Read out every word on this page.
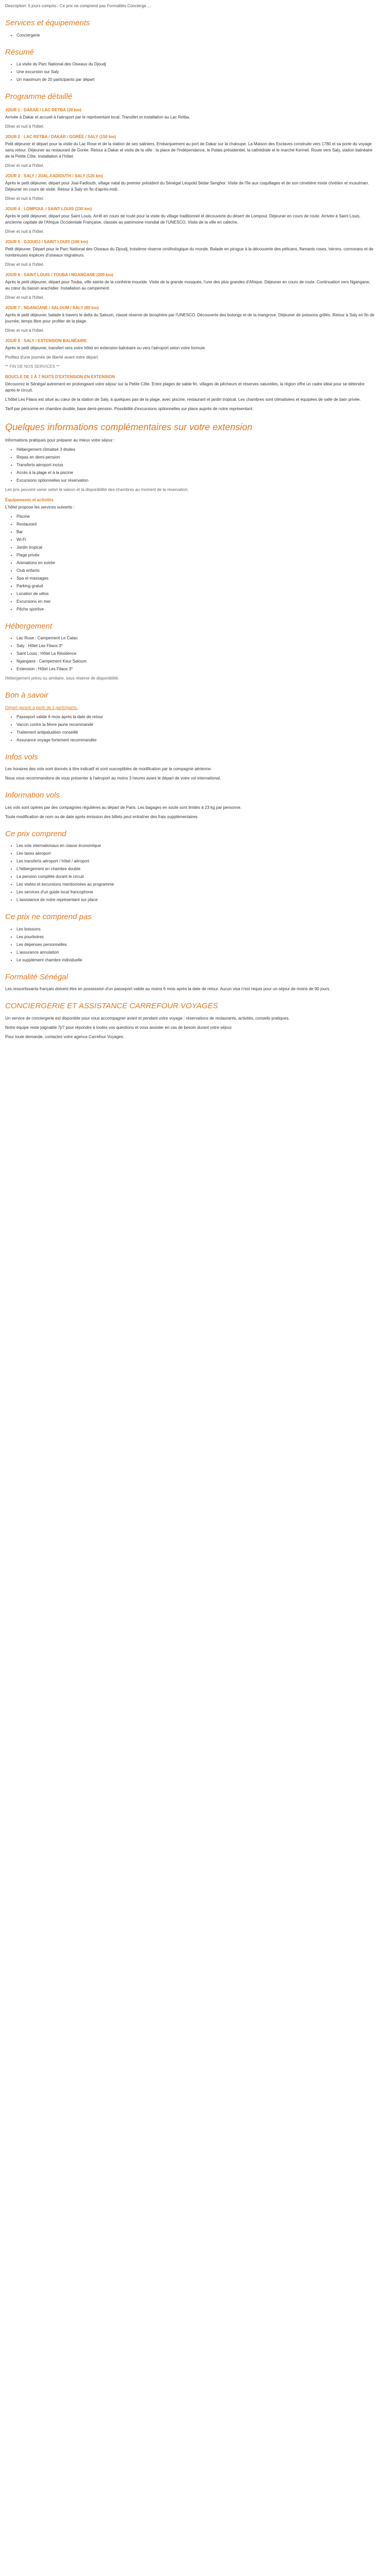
Description: 5 jours compris - Ce prix ne comprend pas Formalités Concierge ...

Services et équipements
• Conciergerie
Résumé
• La visite du Parc National des Oiseaux du Djoudj
• Une excursion sur Saly
• Un maximum de 20 participants par départ
Programme détaillé
JOUR 1 : DAKAR / LAC RETBA (30 km)

Arrivée à Dakar et accueil à l'aéroport par le représentant local. Transfert et installation au Lac Retba.

Dîner et nuit à l'hôtel.

JOUR 2 : LAC RETBA / DAKAR / GORÉE / SALY (150 km)

Petit déjeuner et départ pour la visite du Lac Rose et de la station de ses saliniers. Embarquement au port de Dakar sur la chaloupe. La Maison des Esclaves construite vers 1780 et sa porte du voyage sans retour. Déjeuner au restaurant de Gorée. Retour à Dakar et visite de la ville : la place de l'Indépendance, le Palais présidentiel, la cathédrale et le marché Kermel. Route vers Saly, station balnéaire de la Petite Côte. Installation à l'hôtel.

Dîner et nuit à l'hôtel.

JOUR 3 : SALY / JOAL-FADIOUTH / SALY (120 km)

Après le petit déjeuner, départ pour Joal-Fadiouth, village natal du premier président du Sénégal Léopold Sédar Senghor. Visite de l'île aux coquillages et de son cimetière mixte chrétien et musulman. Déjeuner en cours de visite. Retour à Saly en fin d'après-midi.

Dîner et nuit à l'hôtel.

JOUR 4 : LOMPOUL / SAINT LOUIS (230 km)

Après le petit déjeuner, départ pour Saint Louis. Arrêt en cours de route pour la visite du village traditionnel et découverte du désert de Lompoul. Déjeuner en cours de route. Arrivée à Saint Louis, ancienne capitale de l'Afrique Occidentale Française, classée au patrimoine mondial de l'UNESCO. Visite de la ville en calèche.

Dîner et nuit à l'hôtel.

JOUR 5 : DJOUDJ / SAINT LOUIS (100 km)

Petit déjeuner. Départ pour le Parc National des Oiseaux du Djoudj, troisième réserve ornithologique du monde. Balade en pirogue à la découverte des pélicans, flamants roses, hérons, cormorans et de nombreuses espèces d'oiseaux migrateurs.

Dîner et nuit à l'hôtel.

JOUR 6 : SAINT LOUIS / TOUBA / NGANGANE (200 km)

Après le petit déjeuner, départ pour Touba, ville sainte de la confrérie mouride. Visite de la grande mosquée, l'une des plus grandes d'Afrique. Déjeuner en cours de route. Continuation vers Ngangane, au cœur du bassin arachidier. Installation au campement.

Dîner et nuit à l'hôtel.

JOUR 7 : NGANGANE / SALOUM / SALY (80 km)

Après le petit déjeuner, balade à travers le delta du Saloum, classé réserve de biosphère par l'UNESCO. Découverte des bolongs et de la mangrove. Déjeuner de poissons grillés. Retour à Saly en fin de journée, temps libre pour profiter de la plage.

Dîner et nuit à l'hôtel.

JOUR 8 : SALY / EXTENSION BALNÉAIRE

Après le petit déjeuner, transfert vers votre hôtel en extension balnéaire ou vers l'aéroport selon votre formule.

Profitez d'une journée de liberté avant votre départ.

** FIN DE NOS SERVICES **

BOUCLE DE 1 À 7 NUITS D'EXTENSION EN EXTENSION

Découvrez le Sénégal autrement en prolongeant votre séjour sur la Petite Côte. Entre plages de sable fin, villages de pêcheurs et réserves naturelles, la région offre un cadre idéal pour se détendre après le circuit.

L'hôtel Les Filaos est situé au cœur de la station de Saly, à quelques pas de la plage, avec piscine, restaurant et jardin tropical. Les chambres sont climatisées et équipées de salle de bain privée.

Tarif par personne en chambre double, base demi-pension. Possibilité d'excursions optionnelles sur place auprès de notre représentant.

Quelques informations complémentaires sur votre extension

Informations pratiques pour préparer au mieux votre séjour :

• Hébergement climatisé 3 étoiles
• Repas en demi-pension
• Transferts aéroport inclus
• Accès à la plage et à la piscine
• Excursions optionnelles sur réservation

Les prix peuvent varier selon la saison et la disponibilité des chambres au moment de la réservation.

Équipements et activités

L'hôtel propose les services suivants :

• Piscine
• Restaurant
• Bar
• Wi-Fi
• Jardin tropical
• Plage privée
• Animations en soirée
• Club enfants
• Spa et massages
• Parking gratuit
• Location de vélos
• Excursions en mer
• Pêche sportive
Hébergement
• Lac Rose : Campement Le Calao
• Saly : Hôtel Les Filaos 3*
• Saint Louis : Hôtel La Résidence
• Ngangane : Campement Keur Saloum
• Extension : Hôtel Les Filaos 3*

Hébergement prévu ou similaire, sous réserve de disponibilité.

Bon à savoir

Départ garanti à partir de 2 participants.

• Passeport valide 6 mois après la date de retour
• Vaccin contre la fièvre jaune recommandé
• Traitement antipaludéen conseillé
• Assurance voyage fortement recommandée
Infos vols

Les horaires des vols sont donnés à titre indicatif et sont susceptibles de modification par la compagnie aérienne.

Nous vous recommandons de vous présenter à l'aéroport au moins 3 heures avant le départ de votre vol international.

Information vols

Les vols sont opérés par des compagnies régulières au départ de Paris. Les bagages en soute sont limités à 23 kg par personne.

Toute modification de nom ou de date après émission des billets peut entraîner des frais supplémentaires.

Ce prix comprend
• Les vols internationaux en classe économique
• Les taxes aéroport
• Les transferts aéroport / hôtel / aéroport
• L'hébergement en chambre double
• La pension complète durant le circuit
• Les visites et excursions mentionnées au programme
• Les services d'un guide local francophone
• L'assistance de notre représentant sur place
Ce prix ne comprend pas
• Les boissons
• Les pourboires
• Les dépenses personnelles
• L'assurance annulation
• Le supplément chambre individuelle
Formalité Sénégal

Les ressortissants français doivent être en possession d'un passeport valide au moins 6 mois après la date de retour. Aucun visa n'est requis pour un séjour de moins de 90 jours.

CONCIERGERIE ET ASSISTANCE CARREFOUR VOYAGES

Un service de conciergerie est disponible pour vous accompagner avant et pendant votre voyage : réservations de restaurants, activités, conseils pratiques.

Notre équipe reste joignable 7j/7 pour répondre à toutes vos questions et vous assister en cas de besoin durant votre séjour.

Pour toute demande, contactez votre agence Carrefour Voyages.
